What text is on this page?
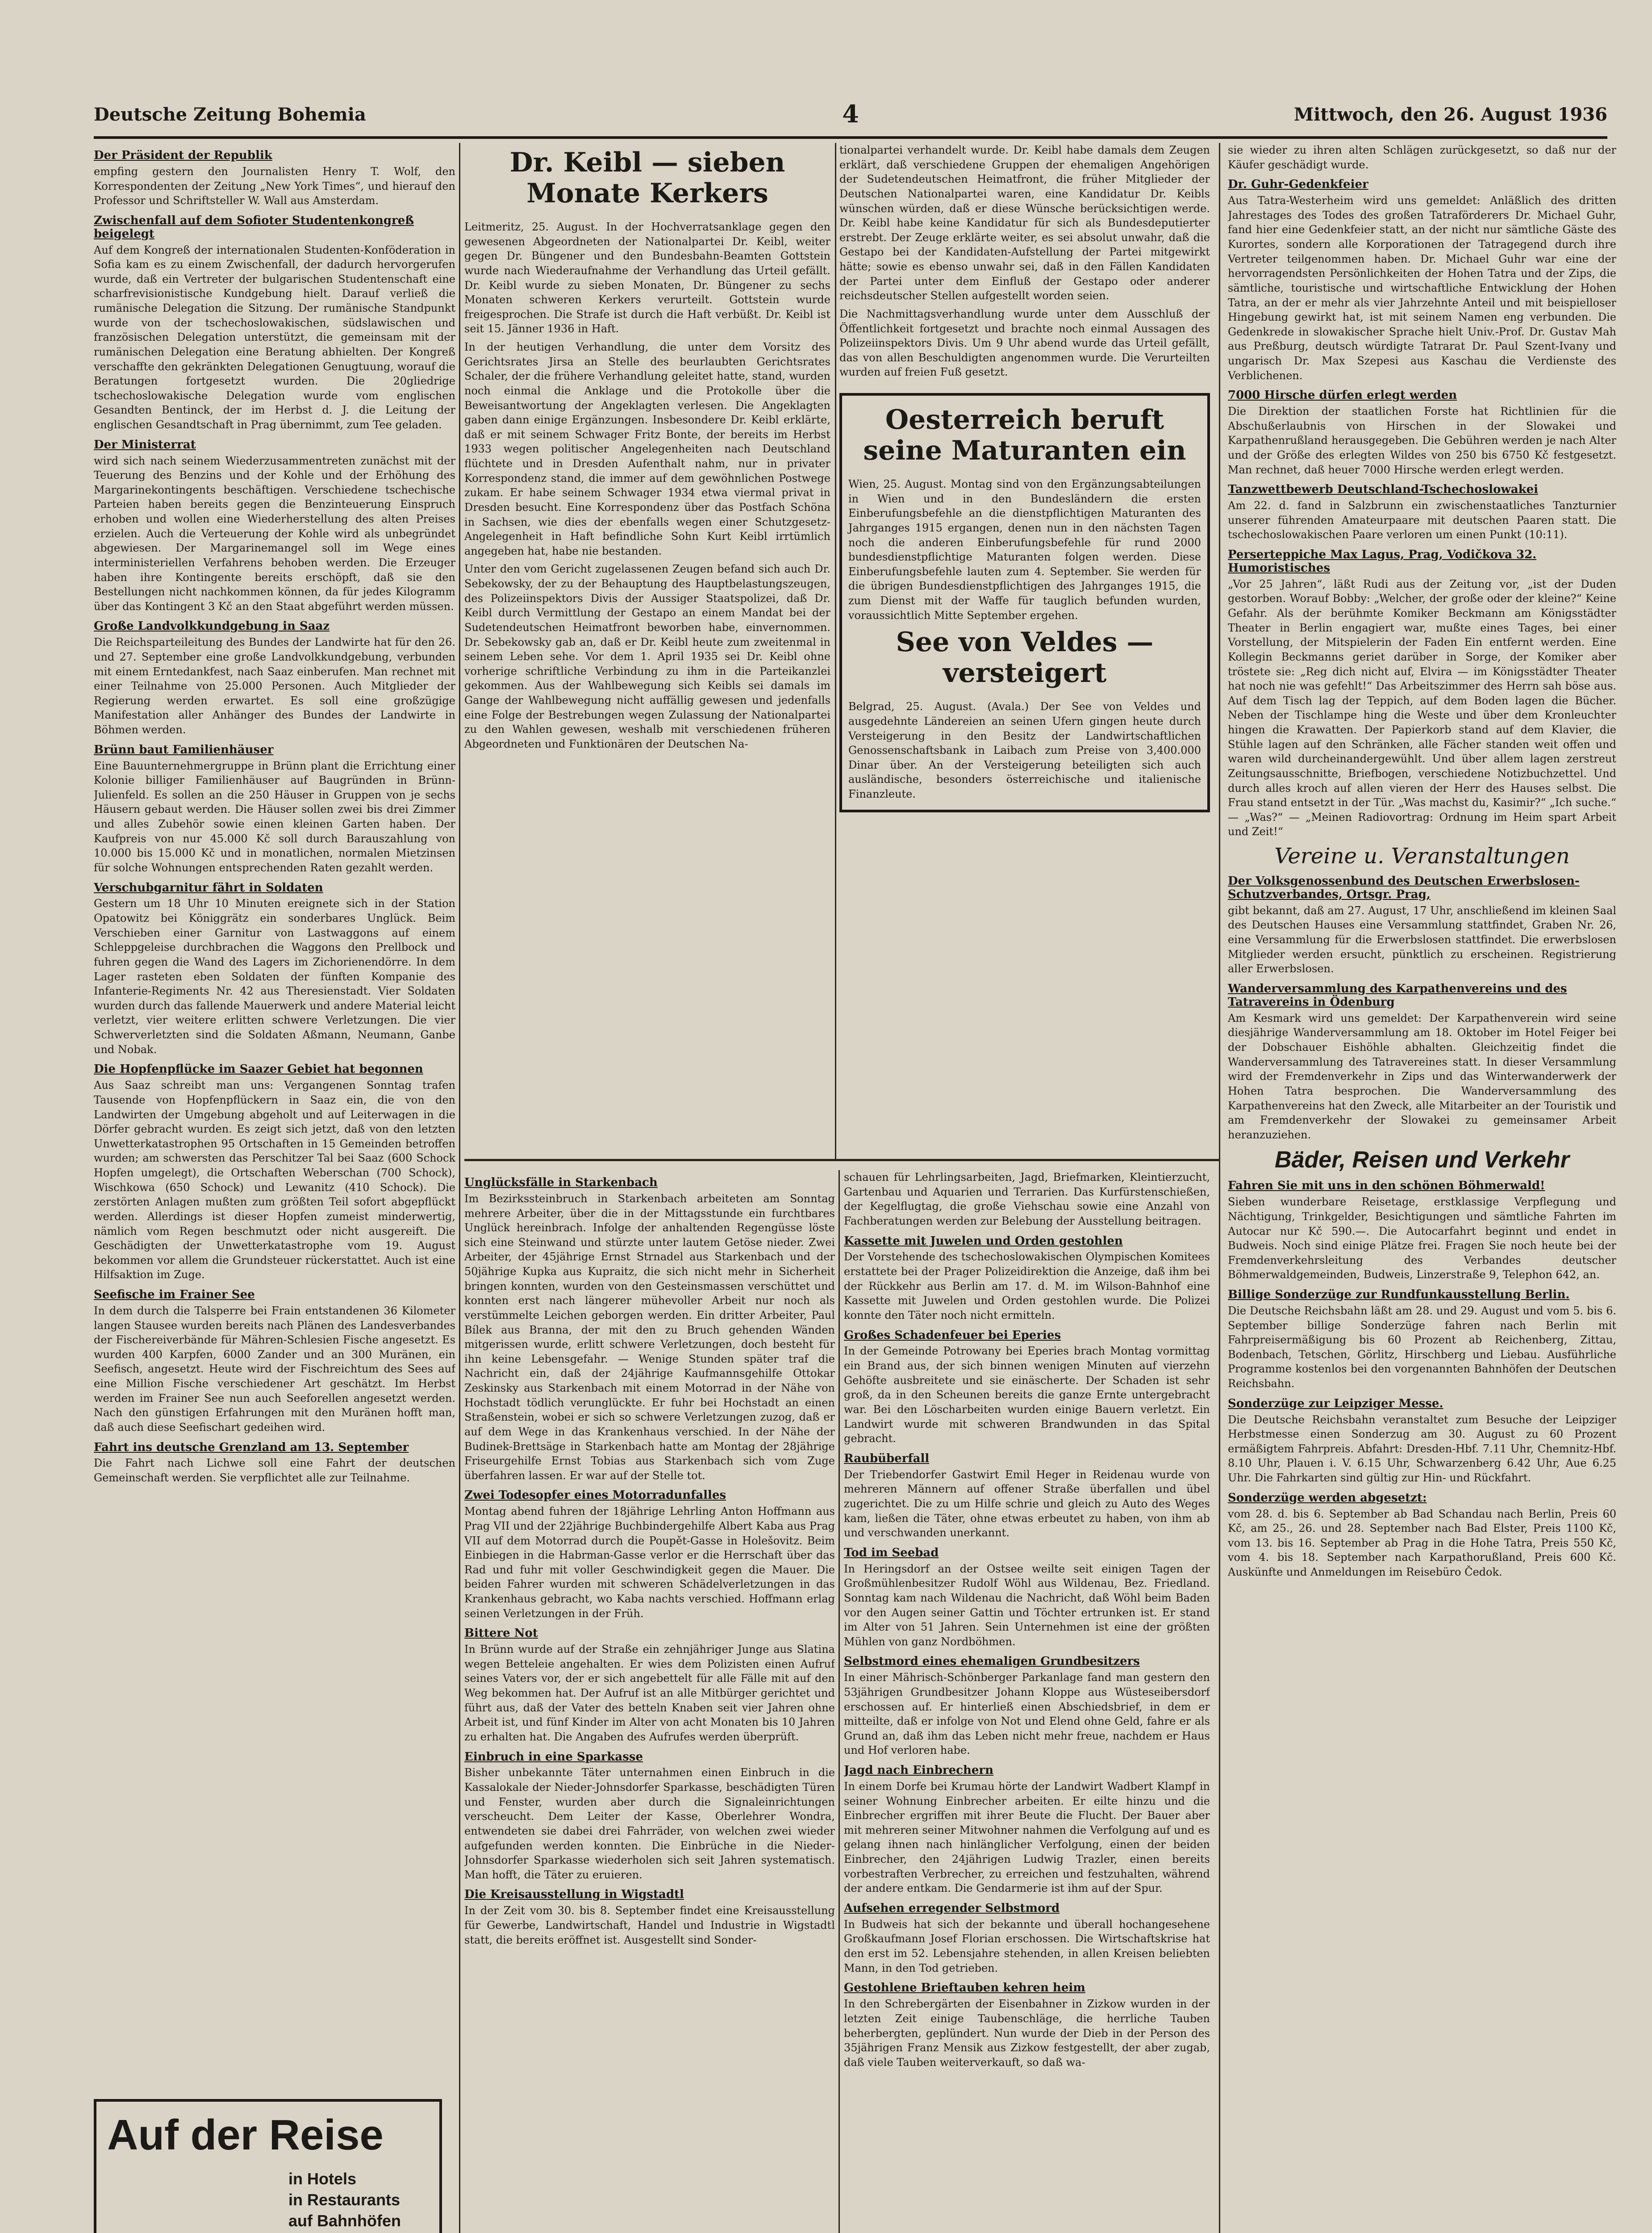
Deutsche Zeitung Bohemia	4	Mittwoch, den 26. August 1936
Der Präsident der Republik

empfing gestern den Journalisten Henry T. Wolf, den Korrespondenten der Zeitung „New York Times“, und hierauf den Professor und Schriftsteller W. Wall aus Amsterdam.

Zwischenfall auf dem Sofioter Studentenkongreß beigelegt

Auf dem Kongreß der internationalen Studenten-Konföderation in Sofia kam es zu einem Zwischenfall, der dadurch hervorgerufen wurde, daß ein Vertreter der bulgarischen Studentenschaft eine scharfrevisionistische Kundgebung hielt. Darauf verließ die rumänische Delegation die Sitzung. Der rumänische Standpunkt wurde von der tschechoslowakischen, südslawischen und französischen Delegation unterstützt, die gemeinsam mit der rumänischen Delegation eine Beratung abhielten. Der Kongreß verschaffte den gekränkten Delegationen Genugtuung, worauf die Beratungen fortgesetzt wurden. Die 20gliedrige tschechoslowakische Delegation wurde vom englischen Gesandten Bentinck, der im Herbst d. J. die Leitung der englischen Gesandtschaft in Prag übernimmt, zum Tee geladen.

Der Ministerrat

wird sich nach seinem Wiederzusammentreten zunächst mit der Teuerung des Benzins und der Kohle und der Erhöhung des Margarinekontingents beschäftigen. Verschiedene tschechische Parteien haben bereits gegen die Benzinteuerung Einspruch erhoben und wollen eine Wiederherstellung des alten Preises erzielen. Auch die Verteuerung der Kohle wird als unbegründet abgewiesen. Der Margarinemangel soll im Wege eines interministeriellen Verfahrens behoben werden. Die Erzeuger haben ihre Kontingente bereits erschöpft, daß sie den Bestellungen nicht nachkommen können, da für jedes Kilogramm über das Kontingent 3 Kč an den Staat abgeführt werden müssen.

Große Landvolkkundgebung in Saaz

Die Reichsparteileitung des Bundes der Landwirte hat für den 26. und 27. September eine große Landvolkkundgebung, verbunden mit einem Erntedankfest, nach Saaz einberufen. Man rechnet mit einer Teilnahme von 25.000 Personen. Auch Mitglieder der Regierung werden erwartet. Es soll eine großzügige Manifestation aller Anhänger des Bundes der Landwirte in Böhmen werden.

Brünn baut Familienhäuser

Eine Bauunternehmergruppe in Brünn plant die Errichtung einer Kolonie billiger Familienhäuser auf Baugründen in Brünn-Julienfeld. Es sollen an die 250 Häuser in Gruppen von je sechs Häusern gebaut werden. Die Häuser sollen zwei bis drei Zimmer und alles Zubehör sowie einen kleinen Garten haben. Der Kaufpreis von nur 45.000 Kč soll durch Barauszahlung von 10.000 bis 15.000 Kč und in monatlichen, normalen Mietzinsen für solche Wohnungen entsprechenden Raten gezahlt werden.

Verschubgarnitur fährt in Soldaten

Gestern um 18 Uhr 10 Minuten ereignete sich in der Station Opatowitz bei Königgrätz ein sonderbares Unglück. Beim Verschieben einer Garnitur von Lastwaggons auf einem Schleppgeleise durchbrachen die Waggons den Prellbock und fuhren gegen die Wand des Lagers im Zichorienendörre. In dem Lager rasteten eben Soldaten der fünften Kompanie des Infanterie-Regiments Nr. 42 aus Theresienstadt. Vier Soldaten wurden durch das fallende Mauerwerk und andere Material leicht verletzt, vier weitere erlitten schwere Verletzungen. Die vier Schwerverletzten sind die Soldaten Aßmann, Neumann, Ganbe und Nobak.

Die Hopfenpflücke im Saazer Gebiet hat begonnen

Aus Saaz schreibt man uns: Vergangenen Sonntag trafen Tausende von Hopfenpflückern in Saaz ein, die von den Landwirten der Umgebung abgeholt und auf Leiterwagen in die Dörfer gebracht wurden. Es zeigt sich jetzt, daß von den letzten Unwetterkatastrophen 95 Ortschaften in 15 Gemeinden betroffen wurden; am schwersten das Perschitzer Tal bei Saaz (600 Schock Hopfen umgelegt), die Ortschaften Weberschan (700 Schock), Wischkowa (650 Schock) und Lewanitz (410 Schock). Die zerstörten Anlagen mußten zum größten Teil sofort abgepflückt werden. Allerdings ist dieser Hopfen zumeist minderwertig, nämlich vom Regen beschmutzt oder nicht ausgereift. Die Geschädigten der Unwetterkatastrophe vom 19. August bekommen vor allem die Grundsteuer rückerstattet. Auch ist eine Hilfsaktion im Zuge.

Seefische im Frainer See

In dem durch die Talsperre bei Frain entstandenen 36 Kilometer langen Stausee wurden bereits nach Plänen des Landesverbandes der Fischereiverbände für Mähren-Schlesien Fische angesetzt. Es wurden 400 Karpfen, 6000 Zander und an 300 Muränen, ein Seefisch, angesetzt. Heute wird der Fischreichtum des Sees auf eine Million Fische verschiedener Art geschätzt. Im Herbst werden im Frainer See nun auch Seeforellen angesetzt werden. Nach den günstigen Erfahrungen mit den Muränen hofft man, daß auch diese Seefischart gedeihen wird.

Fahrt ins deutsche Grenzland am 13. September

Die Fahrt nach Lichwe soll eine Fahrt der deutschen Gemeinschaft werden. Sie verpflichtet alle zur Teilnahme.

Auf der Reise
in Hotels
in Restaurants
auf Bahnhöfen
Dr. Keibl — sieben Monate Kerkers

Leitmeritz, 25. August. In der Hochverratsanklage gegen den gewesenen Abgeordneten der Nationalpartei Dr. Keibl, weiter gegen Dr. Büngener und den Bundesbahn-Beamten Gottstein wurde nach Wiederaufnahme der Verhandlung das Urteil gefällt. Dr. Keibl wurde zu sieben Monaten, Dr. Büngener zu sechs Monaten schweren Kerkers verurteilt. Gottstein wurde freigesprochen. Die Strafe ist durch die Haft verbüßt. Dr. Keibl ist seit 15. Jänner 1936 in Haft.

In der heutigen Verhandlung, die unter dem Vorsitz des Gerichtsrates Jirsa an Stelle des beurlaubten Gerichtsrates Schaler, der die frühere Verhandlung geleitet hatte, stand, wurden noch einmal die Anklage und die Protokolle über die Beweisantwortung der Angeklagten verlesen. Die Angeklagten gaben dann einige Ergänzungen. Insbesondere Dr. Keibl erklärte, daß er mit seinem Schwager Fritz Bonte, der bereits im Herbst 1933 wegen politischer Angelegenheiten nach Deutschland flüchtete und in Dresden Aufenthalt nahm, nur in privater Korrespondenz stand, die immer auf dem gewöhnlichen Postwege zukam. Er habe seinem Schwager 1934 etwa viermal privat in Dresden besucht. Eine Korrespondenz über das Postfach Schöna in Sachsen, wie dies der ebenfalls wegen einer Schutzgesetz-Angelegenheit in Haft befindliche Sohn Kurt Keibl irrtümlich angegeben hat, habe nie bestanden.

Unter den vom Gericht zugelassenen Zeugen befand sich auch Dr. Sebekowsky, der zu der Behauptung des Hauptbelastungszeugen, des Polizeiinspektors Divis der Aussiger Staatspolizei, daß Dr. Keibl durch Vermittlung der Gestapo an einem Mandat bei der Sudetendeutschen Heimatfront beworben habe, einvernommen. Dr. Sebekowsky gab an, daß er Dr. Keibl heute zum zweitenmal in seinem Leben sehe. Vor dem 1. April 1935 sei Dr. Keibl ohne vorherige schriftliche Verbindung zu ihm in die Parteikanzlei gekommen. Aus der Wahlbewegung sich Keibls sei damals im Gange der Wahlbewegung nicht auffällig gewesen und jedenfalls eine Folge der Bestrebungen wegen Zulassung der Nationalpartei zu den Wahlen gewesen, weshalb mit verschiedenen früheren Abgeordneten und Funktionären der Deutschen Na-

tionalpartei verhandelt wurde. Dr. Keibl habe damals dem Zeugen erklärt, daß verschiedene Gruppen der ehemaligen Angehörigen der Sudetendeutschen Heimatfront, die früher Mitglieder der Deutschen Nationalpartei waren, eine Kandidatur Dr. Keibls wünschen würden, daß er diese Wünsche berücksichtigen werde. Dr. Keibl habe keine Kandidatur für sich als Bundesdeputierter erstrebt. Der Zeuge erklärte weiter, es sei absolut unwahr, daß die Gestapo bei der Kandidaten-Aufstellung der Partei mitgewirkt hätte; sowie es ebenso unwahr sei, daß in den Fällen Kandidaten der Partei unter dem Einfluß der Gestapo oder anderer reichsdeutscher Stellen aufgestellt worden seien.

Die Nachmittagsverhandlung wurde unter dem Ausschluß der Öffentlichkeit fortgesetzt und brachte noch einmal Aussagen des Polizeiinspektors Divis. Um 9 Uhr abend wurde das Urteil gefällt, das von allen Beschuldigten angenommen wurde. Die Verurteilten wurden auf freien Fuß gesetzt.

Oesterreich beruft seine Maturanten ein

Wien, 25. August. Montag sind von den Ergänzungsabteilungen in Wien und in den Bundesländern die ersten Einberufungsbefehle an die dienstpflichtigen Maturanten des Jahrganges 1915 ergangen, denen nun in den nächsten Tagen noch die anderen Einberufungsbefehle für rund 2000 bundesdienstpflichtige Maturanten folgen werden. Diese Einberufungsbefehle lauten zum 4. September. Sie werden für die übrigen Bundesdienstpflichtigen des Jahrganges 1915, die zum Dienst mit der Waffe für tauglich befunden wurden, voraussichtlich Mitte September ergehen.

See von Veldes — versteigert

Belgrad, 25. August. (Avala.) Der See von Veldes und ausgedehnte Ländereien an seinen Ufern gingen heute durch Versteigerung in den Besitz der Landwirtschaftlichen Genossenschaftsbank in Laibach zum Preise von 3,400.000 Dinar über. An der Versteigerung beteiligten sich auch ausländische, besonders österreichische und italienische Finanzleute.

Unglücksfälle in Starkenbach

Im Bezirkssteinbruch in Starkenbach arbeiteten am Sonntag mehrere Arbeiter, über die in der Mittagsstunde ein furchtbares Unglück hereinbrach. Infolge der anhaltenden Regengüsse löste sich eine Steinwand und stürzte unter lautem Getöse nieder. Zwei Arbeiter, der 45jährige Ernst Strnadel aus Starkenbach und der 50jährige Kupka aus Kupraitz, die sich nicht mehr in Sicherheit bringen konnten, wurden von den Gesteinsmassen verschüttet und konnten erst nach längerer mühevoller Arbeit nur noch als verstümmelte Leichen geborgen werden. Ein dritter Arbeiter, Paul Bílek aus Branna, der mit den zu Bruch gehenden Wänden mitgerissen wurde, erlitt schwere Verletzungen, doch besteht für ihn keine Lebensgefahr. — Wenige Stunden später traf die Nachricht ein, daß der 24jährige Kaufmannsgehilfe Ottokar Zeskinsky aus Starkenbach mit einem Motorrad in der Nähe von Hochstadt tödlich verunglückte. Er fuhr bei Hochstadt an einen Straßenstein, wobei er sich so schwere Verletzungen zuzog, daß er auf dem Wege in das Krankenhaus verschied. In der Nähe der Budinek-Brettsäge in Starkenbach hatte am Montag der 28jährige Friseurgehilfe Ernst Tobias aus Starkenbach sich vom Zuge überfahren lassen. Er war auf der Stelle tot.

Zwei Todesopfer eines Motorradunfalles

Montag abend fuhren der 18jährige Lehrling Anton Hoffmann aus Prag VII und der 22jährige Buchbindergehilfe Albert Kaba aus Prag VII auf dem Motorrad durch die Poupět-Gasse in Holešovitz. Beim Einbiegen in die Habrman-Gasse verlor er die Herrschaft über das Rad und fuhr mit voller Geschwindigkeit gegen die Mauer. Die beiden Fahrer wurden mit schweren Schädelverletzungen in das Krankenhaus gebracht, wo Kaba nachts verschied. Hoffmann erlag seinen Verletzungen in der Früh.

Bittere Not

In Brünn wurde auf der Straße ein zehnjähriger Junge aus Slatina wegen Betteleie angehalten. Er wies dem Polizisten einen Aufruf seines Vaters vor, der er sich angebettelt für alle Fälle mit auf den Weg bekommen hat. Der Aufruf ist an alle Mitbürger gerichtet und führt aus, daß der Vater des betteln Knaben seit vier Jahren ohne Arbeit ist, und fünf Kinder im Alter von acht Monaten bis 10 Jahren zu erhalten hat. Die Angaben des Aufrufes werden überprüft.

Einbruch in eine Sparkasse

Bisher unbekannte Täter unternahmen einen Einbruch in die Kassalokale der Nieder-Johnsdorfer Sparkasse, beschädigten Türen und Fenster, wurden aber durch die Signaleinrichtungen verscheucht. Dem Leiter der Kasse, Oberlehrer Wondra, entwendeten sie dabei drei Fahrräder, von welchen zwei wieder aufgefunden werden konnten. Die Einbrüche in die Nieder-Johnsdorfer Sparkasse wiederholen sich seit Jahren systematisch. Man hofft, die Täter zu eruieren.

Die Kreisausstellung in Wigstadtl

In der Zeit vom 30. bis 8. September findet eine Kreisausstellung für Gewerbe, Landwirtschaft, Handel und Industrie in Wigstadtl statt, die bereits eröffnet ist. Ausgestellt sind Sonder-

schauen für Lehrlingsarbeiten, Jagd, Briefmarken, Kleintierzucht, Gartenbau und Aquarien und Terrarien. Das Kurfürstenschießen, der Kegelflugtag, die große Viehschau sowie eine Anzahl von Fachberatungen werden zur Belebung der Ausstellung beitragen.

Kassette mit Juwelen und Orden gestohlen

Der Vorstehende des tschechoslowakischen Olympischen Komitees erstattete bei der Prager Polizeidirektion die Anzeige, daß ihm bei der Rückkehr aus Berlin am 17. d. M. im Wilson-Bahnhof eine Kassette mit Juwelen und Orden gestohlen wurde. Die Polizei konnte den Täter noch nicht ermitteln.

Großes Schadenfeuer bei Eperies

In der Gemeinde Potrowany bei Eperies brach Montag vormittag ein Brand aus, der sich binnen wenigen Minuten auf vierzehn Gehöfte ausbreitete und sie einäscherte. Der Schaden ist sehr groß, da in den Scheunen bereits die ganze Ernte untergebracht war. Bei den Löscharbeiten wurden einige Bauern verletzt. Ein Landwirt wurde mit schweren Brandwunden in das Spital gebracht.

Raubüberfall

Der Triebendorfer Gastwirt Emil Heger in Reidenau wurde von mehreren Männern auf offener Straße überfallen und übel zugerichtet. Die zu um Hilfe schrie und gleich zu Auto des Weges kam, ließen die Täter, ohne etwas erbeutet zu haben, von ihm ab und verschwanden unerkannt.

Tod im Seebad

In Heringsdorf an der Ostsee weilte seit einigen Tagen der Großmühlenbesitzer Rudolf Wöhl aus Wildenau, Bez. Friedland. Sonntag kam nach Wildenau die Nachricht, daß Wöhl beim Baden vor den Augen seiner Gattin und Töchter ertrunken ist. Er stand im Alter von 51 Jahren. Sein Unternehmen ist eine der größten Mühlen von ganz Nordböhmen.

Selbstmord eines ehemaligen Grundbesitzers

In einer Mährisch-Schönberger Parkanlage fand man gestern den 53jährigen Grundbesitzer Johann Kloppe aus Wüsteseibersdorf erschossen auf. Er hinterließ einen Abschiedsbrief, in dem er mitteilte, daß er infolge von Not und Elend ohne Geld, fahre er als Grund an, daß ihm das Leben nicht mehr freue, nachdem er Haus und Hof verloren habe.

Jagd nach Einbrechern

In einem Dorfe bei Krumau hörte der Landwirt Wadbert Klampf in seiner Wohnung Einbrecher arbeiten. Er eilte hinzu und die Einbrecher ergriffen mit ihrer Beute die Flucht. Der Bauer aber mit mehreren seiner Mitwohner nahmen die Verfolgung auf und es gelang ihnen nach hinlänglicher Verfolgung, einen der beiden Einbrecher, den 24jährigen Ludwig Trazler, einen bereits vorbestraften Verbrecher, zu erreichen und festzuhalten, während der andere entkam. Die Gendarmerie ist ihm auf der Spur.

Aufsehen erregender Selbstmord

In Budweis hat sich der bekannte und überall hochangesehene Großkaufmann Josef Florian erschossen. Die Wirtschaftskrise hat den erst im 52. Lebensjahre stehenden, in allen Kreisen beliebten Mann, in den Tod getrieben.

Gestohlene Brieftauben kehren heim

In den Schrebergärten der Eisenbahner in Zizkow wurden in der letzten Zeit einige Taubenschläge, die herrliche Tauben beherbergten, geplündert. Nun wurde der Dieb in der Person des 35jährigen Franz Mensik aus Zizkow festgestellt, der aber zugab, daß viele Tauben weiterverkauft, so daß wa-

sie wieder zu ihren alten Schlägen zurückgesetzt, so daß nur der Käufer geschädigt wurde.

Dr. Guhr-Gedenkfeier

Aus Tatra-Westerheim wird uns gemeldet: Anläßlich des dritten Jahrestages des Todes des großen Tatraförderers Dr. Michael Guhr, fand hier eine Gedenkfeier statt, an der nicht nur sämtliche Gäste des Kurortes, sondern alle Korporationen der Tatragegend durch ihre Vertreter teilgenommen haben. Dr. Michael Guhr war eine der hervorragendsten Persönlichkeiten der Hohen Tatra und der Zips, die sämtliche, touristische und wirtschaftliche Entwicklung der Hohen Tatra, an der er mehr als vier Jahrzehnte Anteil und mit beispielloser Hingebung gewirkt hat, ist mit seinem Namen eng verbunden. Die Gedenkrede in slowakischer Sprache hielt Univ.-Prof. Dr. Gustav Mah aus Preßburg, deutsch würdigte Tatrarat Dr. Paul Szent-Ivany und ungarisch Dr. Max Szepesi aus Kaschau die Verdienste des Verblichenen.

7000 Hirsche dürfen erlegt werden

Die Direktion der staatlichen Forste hat Richtlinien für die Abschußerlaubnis von Hirschen in der Slowakei und Karpathenrußland herausgegeben. Die Gebühren werden je nach Alter und der Größe des erlegten Wildes von 250 bis 6750 Kč festgesetzt. Man rechnet, daß heuer 7000 Hirsche werden erlegt werden.

Tanzwettbewerb Deutschland-Tschechoslowakei

Am 22. d. fand in Salzbrunn ein zwischenstaatliches Tanzturnier unserer führenden Amateurpaare mit deutschen Paaren statt. Die tschechoslowakischen Paare verloren um einen Punkt (10:11).

Perserteppiche Max Lagus, Prag, Vodičkova 32. Humoristisches

„Vor 25 Jahren“, läßt Rudi aus der Zeitung vor, „ist der Duden gestorben. Worauf Bobby: „Welcher, der große oder der kleine?“ Keine Gefahr. Als der berühmte Komiker Beckmann am Königsstädter Theater in Berlin engagiert war, mußte eines Tages, bei einer Vorstellung, der Mitspielerin der Faden Ein entfernt werden. Eine Kollegin Beckmanns geriet darüber in Sorge, der Komiker aber tröstete sie: „Reg dich nicht auf, Elvira — im Königsstädter Theater hat noch nie was gefehlt!“ Das Arbeitszimmer des Herrn sah böse aus. Auf dem Tisch lag der Teppich, auf dem Boden lagen die Bücher. Neben der Tischlampe hing die Weste und über dem Kronleuchter hingen die Krawatten. Der Papierkorb stand auf dem Klavier, die Stühle lagen auf den Schränken, alle Fächer standen weit offen und waren wild durcheinandergewühlt. Und über allem lagen zerstreut Zeitungsausschnitte, Briefbogen, verschiedene Notizbuchzettel. Und durch alles kroch auf allen vieren der Herr des Hauses selbst. Die Frau stand entsetzt in der Tür. „Was machst du, Kasimir?“ „Ich suche.“ — „Was?“ — „Meinen Radiovortrag: Ordnung im Heim spart Arbeit und Zeit!“

Vereine u. Veranstaltungen
Der Volksgenossenbund des Deutschen Erwerbslosen-Schutzverbandes, Ortsgr. Prag,

gibt bekannt, daß am 27. August, 17 Uhr, anschließend im kleinen Saal des Deutschen Hauses eine Versammlung stattfindet, Graben Nr. 26, eine Versammlung für die Erwerbslosen stattfindet. Die erwerbslosen Mitglieder werden ersucht, pünktlich zu erscheinen. Registrierung aller Erwerbslosen.

Wanderversammlung des Karpathenvereins und des Tatravereins in Ödenburg

Am Kesmark wird uns gemeldet: Der Karpathenverein wird seine diesjährige Wanderversammlung am 18. Oktober im Hotel Feiger bei der Dobschauer Eishöhle abhalten. Gleichzeitig findet die Wanderversammlung des Tatravereines statt. In dieser Versammlung wird der Fremdenverkehr in Zips und das Winterwanderwerk der Hohen Tatra besprochen. Die Wanderversammlung des Karpathenvereins hat den Zweck, alle Mitarbeiter an der Touristik und am Fremdenverkehr der Slowakei zu gemeinsamer Arbeit heranzuziehen.

Bäder, Reisen und Verkehr
Fahren Sie mit uns in den schönen Böhmerwald!

Sieben wunderbare Reisetage, erstklassige Verpflegung und Nächtigung, Trinkgelder, Besichtigungen und sämtliche Fahrten im Autocar nur Kč 590.—. Die Autocarfahrt beginnt und endet in Budweis. Noch sind einige Plätze frei. Fragen Sie noch heute bei der Fremdenverkehrsleitung des Verbandes deutscher Böhmerwaldgemeinden, Budweis, Linzerstraße 9, Telephon 642, an.

Billige Sonderzüge zur Rundfunkausstellung Berlin.

Die Deutsche Reichsbahn läßt am 28. und 29. August und vom 5. bis 6. September billige Sonderzüge fahren nach Berlin mit Fahrpreisermäßigung bis 60 Prozent ab Reichenberg, Zittau, Bodenbach, Tetschen, Görlitz, Hirschberg und Liebau. Ausführliche Programme kostenlos bei den vorgenannten Bahnhöfen der Deutschen Reichsbahn.

Sonderzüge zur Leipziger Messe.

Die Deutsche Reichsbahn veranstaltet zum Besuche der Leipziger Herbstmesse einen Sonderzug am 30. August zu 60 Prozent ermäßigtem Fahrpreis. Abfahrt: Dresden-Hbf. 7.11 Uhr, Chemnitz-Hbf. 8.10 Uhr, Plauen i. V. 6.15 Uhr, Schwarzenberg 6.42 Uhr, Aue 6.25 Uhr. Die Fahrkarten sind gültig zur Hin- und Rückfahrt.

Sonderzüge werden abgesetzt:

vom 28. d. bis 6. September ab Bad Schandau nach Berlin, Preis 60 Kč, am 25., 26. und 28. September nach Bad Elster, Preis 1100 Kč, vom 13. bis 16. September ab Prag in die Hohe Tatra, Preis 550 Kč, vom 4. bis 18. September nach Karpathorußland, Preis 600 Kč. Auskünfte und Anmeldungen im Reisebüro Čedok.
